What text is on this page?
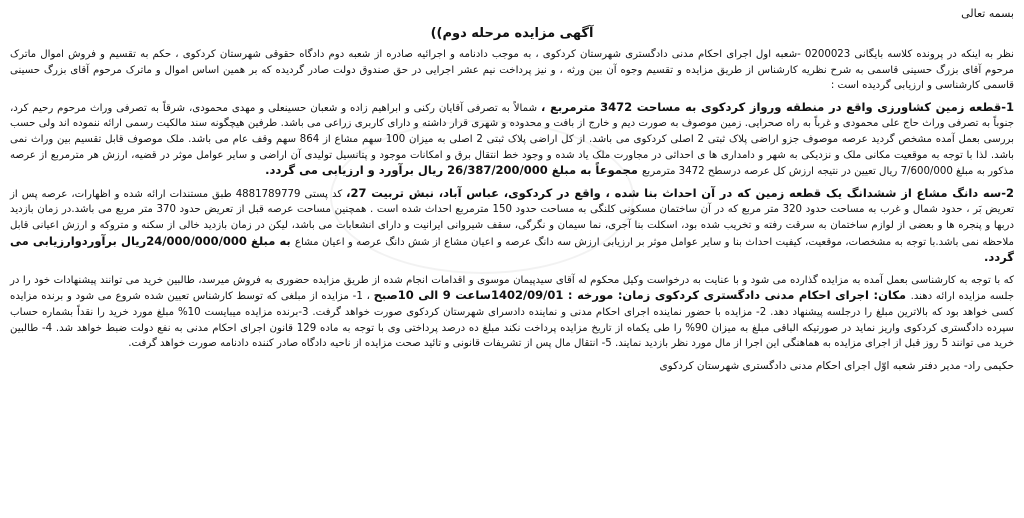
بسمه تعالی
آگهی مزایده مرحله دوم))

نظر به اینکه در پرونده کلاسه بایگانی 0200023 -شعبه اول اجرای احکام مدنی دادگستری شهرستان کردکوی ، به موجب دادنامه و اجرائیه صادره از شعبه دوم دادگاه حقوقی شهرستان کردکوی ، حکم به تقسیم و فروش اموال ماترک مرحوم آقای بزرگ حسینی قاسمی به شرح نظریه کارشناس از طریق مزایده و تقسیم وجوه آن بین ورثه ، و نیز پرداخت نیم عشر اجرایی در حق صندوق دولت صادر گردیده که بر همین اساس اموال و ماترک مرحوم آقای بزرگ حسینی قاسمی کارشناسی و ارزیابی گردیده است :

1-قطعه زمین کشاورزی واقع در منطقه ورواز کردکوی به مساحت 3472 مترمربع ، شمالاً به تصرفی آقایان رکنی و ابراهیم زاده و شعبان حسینعلی و مهدی محمودی، شرقاً به تصرفی وراث مرحوم رحیم کرد، جنوباً به تصرفی وراث حاج علی محمودی و غرباً به راه صحرایی. زمین موصوف به صورت دیم و خارج از بافت و محدوده و شهری قرار داشته و دارای کاربری زراعی می باشد. طرفین هیچگونه سند مالکیت رسمی ارائه ننموده اند ولی حسب بررسی بعمل آمده مشخص گردید عرصه موصوف جزو اراضی پلاک ثبتی 2 اصلی کردکوی می باشد. از کل اراضی پلاک ثبتی 2 اصلی به میزان 100 سهم مشاع از 864 سهم وقف عام می باشد. ملک موصوف قابل تقسیم بین وراث نمی باشد. لذا با توجه به موقعیت مکانی ملک و نزدیکی به شهر و دامداری ها ی احداثی در مجاورت ملک یاد شده و وجود خط انتقال برق و امکانات موجود و پتانسیل تولیدی آن اراضی و سایر عوامل موثر در قضیه، ارزش هر مترمربع از عرصه مذکور به مبلغ 7/600/000 ریال تعیین در نتیجه ارزش کل عرصه درسطح 3472 مترمربع مجموعاً به مبلغ 26/387/200/000 ریال برآورد و ارزیابی می گردد.

2-سه دانگ مشاع از ششدانگ یک قطعه زمین که در آن احداث بنا شده ، واقع در کردکوی، عباس آباد، نبش تربیت 27، کد پستی 4881789779 طبق مستندات ارائه شده و اظهارات، عرصه پس از تعریض بَر ، حدود شمال و غرب به مساحت حدود 320 متر مربع که در آن ساختمان مسکونی کلنگی به مساحت حدود 150 مترمربع احداث شده است . همچنین مساحت عرصه قبل از تعریض حدود 370 متر مربع می باشد.در زمان بازدید دربها و پنجره ها و بعضی از لوازم ساختمان به سرقت رفته و تخریب شده بود، اسکلت بنا آجری، نما سیمان و نگرگی، سقف شیروانی ایرانیت و دارای انشعابات می باشد، لیکن در زمان بازدید خالی از سکنه و متروکه و ارزش اعیانی قابل ملاحظه نمی باشد.با توجه به مشخصات، موقعیت، کیفیت احداث بنا و سایر عوامل موثر بر ارزیابی ارزش سه دانگ عرصه و اعیان مشاع از شش دانگ عرصه و اعیان مشاع به مبلغ 24/000/000/000ریال برآوردوارزیابی می گردد.

که با توجه به کارشناسی بعمل آمده به مزایده گذارده می شود و با عنایت به درخواست وکیل محکوم له آقای سیدپیمان موسوی و اقدامات انجام شده از طریق مزایده حضوری به فروش میرسد، طالبین خرید می توانند پیشنهادات خود را در جلسه مزایده ارائه دهند. مکان: اجرای احکام مدنی دادگستری کردکوی زمان: مورخه : 1402/09/01ساعت 9 الی 10صبح ، 1- مزایده از مبلغی که توسط کارشناس تعیین شده شروع می شود و برنده مزایده کسی خواهد بود که بالاترین مبلغ را درجلسه پیشنهاد دهد. 2- مزایده با حضور نماینده اجرای احکام مدنی و نماینده دادسرای شهرستان کردکوی صورت خواهد گرفت. 3-برنده مزایده میبایست 10% مبلغ مورد خرید را نقداً بشماره حساب سپرده دادگستری کردکوی واریز نماید در صورتیکه الباقی مبلغ به میزان 90% را طی یکماه از تاریخ مزایده پرداخت نکند مبلغ ده درصد پرداختی وی با توجه به ماده 129 قانون اجرای احکام مدنی به نفع دولت ضبط خواهد شد. 4- طالبین خرید می توانند 5 روز قبل از اجرای مزایده به هماهنگی این اجرا از مال مورد نظر بازدید نمایند. 5- انتقال مال پس از تشریفات قانونی و تائید صحت مزایده از ناحیه دادگاه صادر کننده دادنامه صورت خواهد گرفت.

حکیمی راد- مدیر دفتر شعبه اوّل اجرای احکام مدنی دادگستری شهرستان کردکوی
